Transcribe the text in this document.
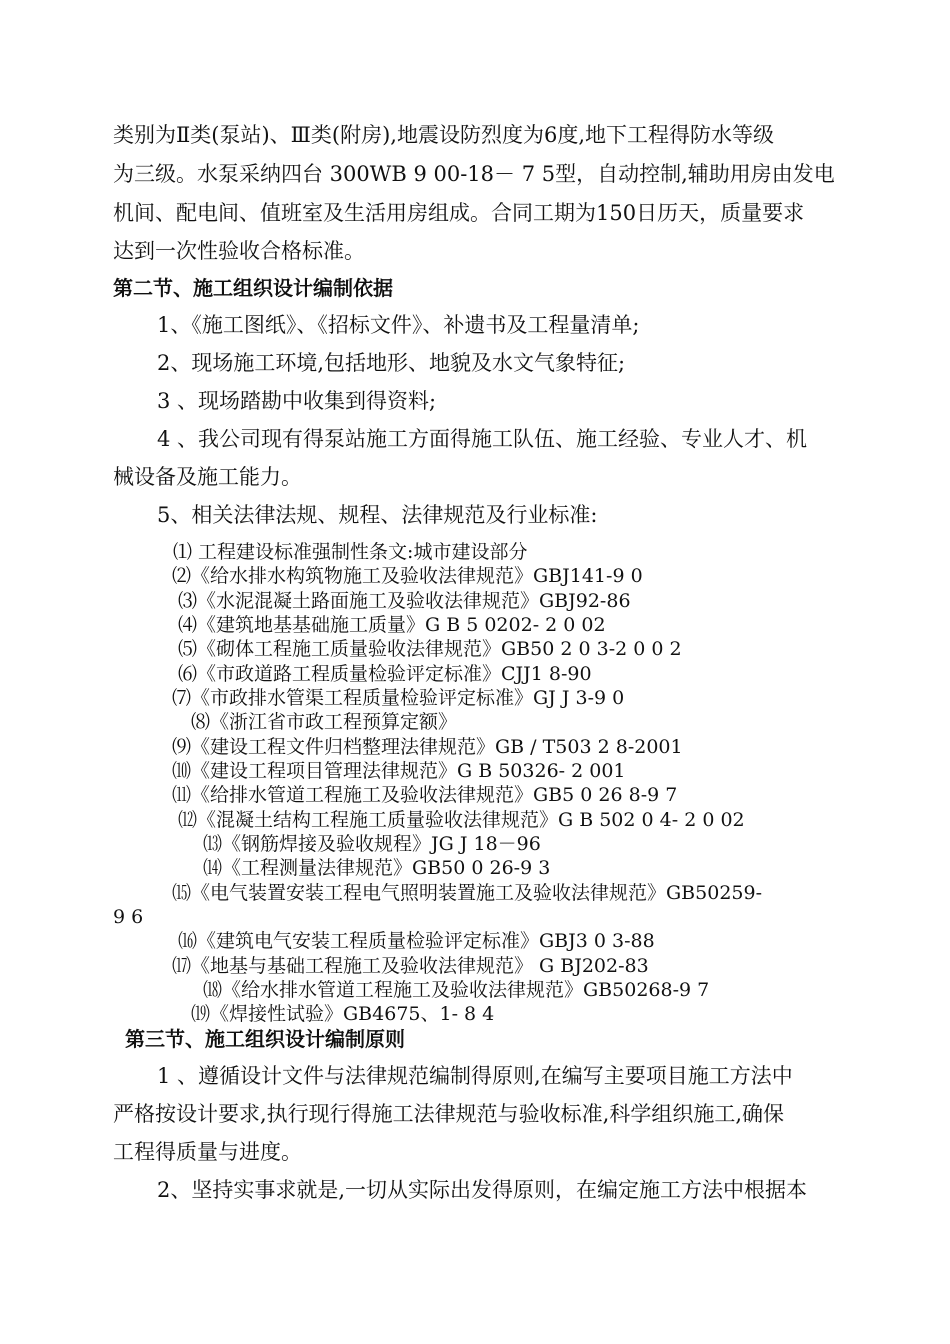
类别为Ⅱ类(泵站)、Ⅲ类(附房),地震设防烈度为6度,地下工程得防水等级
为三级。水泵采纳四台 300WB 9 00-18－ 7 5型，自动控制,辅助用房由发电
机间、配电间、值班室及生活用房组成。合同工期为150日历天，质量要求
达到一次性验收合格标准。
第二节、施工组织设计编制依据
1、《施工图纸》、《招标文件》、补遗书及工程量清单;
2、现场施工环境,包括地形、地貌及水文气象特征;
3 、现场踏勘中收集到得资料;
4 、我公司现有得泵站施工方面得施工队伍、施工经验、专业人才、机
械设备及施工能力。
5、相关法律法规、规程、法律规范及行业标准:
⑴ 工程建设标准强制性条文:城市建设部分
⑵《给水排水构筑物施工及验收法律规范》GBJ141-9 0
⑶《水泥混凝土路面施工及验收法律规范》GBJ92-86
⑷《建筑地基基础施工质量》G B 5 0202- 2 0 02
⑸《砌体工程施工质量验收法律规范》GB50 2 0 3-2 0 0 2
⑹《市政道路工程质量检验评定标准》CJJ1 8-90
⑺《市政排水管渠工程质量检验评定标准》GJ J 3-9 0
⑻《浙江省市政工程预算定额》
⑼《建设工程文件归档整理法律规范》GB / T503 2 8-2001
⑽《建设工程项目管理法律规范》G B 50326- 2 001
⑾《给排水管道工程施工及验收法律规范》GB5 0 26 8-9 7
⑿《混凝土结构工程施工质量验收法律规范》G B 502 0 4- 2 0 02
⒀《钢筋焊接及验收规程》JG J 18－96
⒁《工程测量法律规范》GB50 0 26-9 3
⒂《电气装置安装工程电气照明装置施工及验收法律规范》GB50259-
9 6
⒃《建筑电气安装工程质量检验评定标准》GBJ3 0 3-88
⒄《地基与基础工程施工及验收法律规范》 G BJ202-83
⒅《给水排水管道工程施工及验收法律规范》GB50268-9 7
⒆《焊接性试验》GB4675、1- 8 4
第三节、施工组织设计编制原则
1 、遵循设计文件与法律规范编制得原则,在编写主要项目施工方法中
严格按设计要求,执行现行得施工法律规范与验收标准,科学组织施工,确保
工程得质量与进度。
2、坚持实事求就是,一切从实际出发得原则，在编定施工方法中根据本
